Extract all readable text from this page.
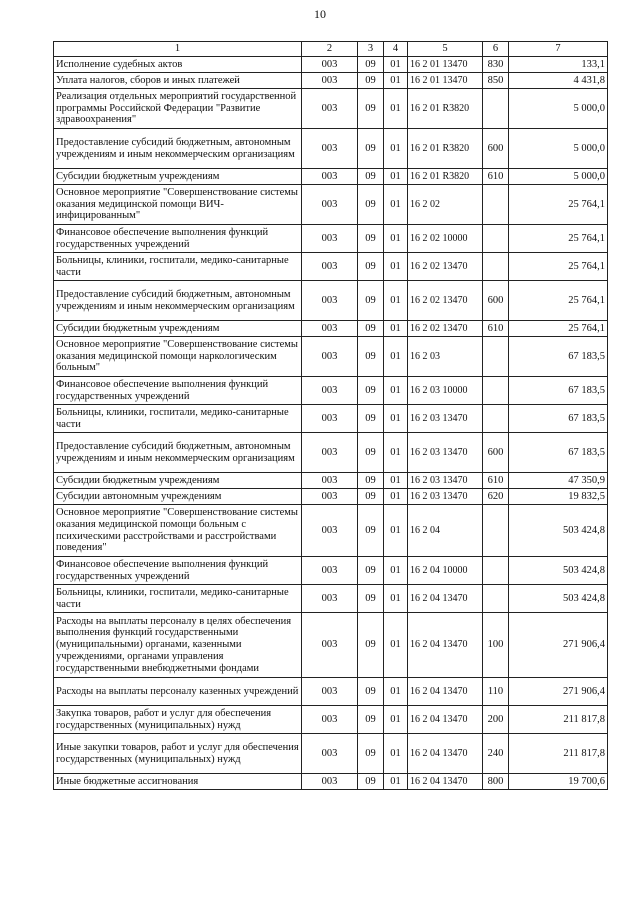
10
1	2	3	4	5	6	7
Исполнение судебных актов	003	09	01	16 2 01 13470	830	133,1
Уплата налогов, сборов и иных платежей	003	09	01	16 2 01 13470	850	4 431,8
Реализация отдельных мероприятий государственной программы Российской Федерации "Развитие здравоохранения"	003	09	01	16 2 01 R3820		5 000,0
Предоставление субсидий бюджетным, автономным учреждениям и иным некоммерческим организациям	003	09	01	16 2 01 R3820	600	5 000,0
Субсидии бюджетным учреждениям	003	09	01	16 2 01 R3820	610	5 000,0
Основное мероприятие "Совершенствование системы оказания медицинской помощи ВИЧ-инфицированным"	003	09	01	16 2 02		25 764,1
Финансовое обеспечение выполнения функций государственных учреждений	003	09	01	16 2 02 10000		25 764,1
Больницы, клиники, госпитали, медико-санитарные части	003	09	01	16 2 02 13470		25 764,1
Предоставление субсидий бюджетным, автономным учреждениям и иным некоммерческим организациям	003	09	01	16 2 02 13470	600	25 764,1
Субсидии бюджетным учреждениям	003	09	01	16 2 02 13470	610	25 764,1
Основное мероприятие "Совершенствование системы оказания медицинской помощи наркологическим больным"	003	09	01	16 2 03		67 183,5
Финансовое обеспечение выполнения функций государственных учреждений	003	09	01	16 2 03 10000		67 183,5
Больницы, клиники, госпитали, медико-санитарные части	003	09	01	16 2 03 13470		67 183,5
Предоставление субсидий бюджетным, автономным учреждениям и иным некоммерческим организациям	003	09	01	16 2 03 13470	600	67 183,5
Субсидии бюджетным учреждениям	003	09	01	16 2 03 13470	610	47 350,9
Субсидии автономным учреждениям	003	09	01	16 2 03 13470	620	19 832,5
Основное мероприятие "Совершенствование системы оказания медицинской помощи больным с психическими расстройствами и расстройствами поведения"	003	09	01	16 2 04		503 424,8
Финансовое обеспечение выполнения функций государственных учреждений	003	09	01	16 2 04 10000		503 424,8
Больницы, клиники, госпитали, медико-санитарные части	003	09	01	16 2 04 13470		503 424,8
Расходы на выплаты персоналу в целях обеспечения выполнения функций государственными (муниципальными) органами, казенными учреждениями, органами управления государственными внебюджетными фондами	003	09	01	16 2 04 13470	100	271 906,4
Расходы на выплаты персоналу казенных учреждений	003	09	01	16 2 04 13470	110	271 906,4
Закупка товаров, работ и услуг для обеспечения государственных (муниципальных) нужд	003	09	01	16 2 04 13470	200	211 817,8
Иные закупки товаров, работ и услуг для обеспечения государственных (муниципальных) нужд	003	09	01	16 2 04 13470	240	211 817,8
Иные бюджетные ассигнования	003	09	01	16 2 04 13470	800	19 700,6
